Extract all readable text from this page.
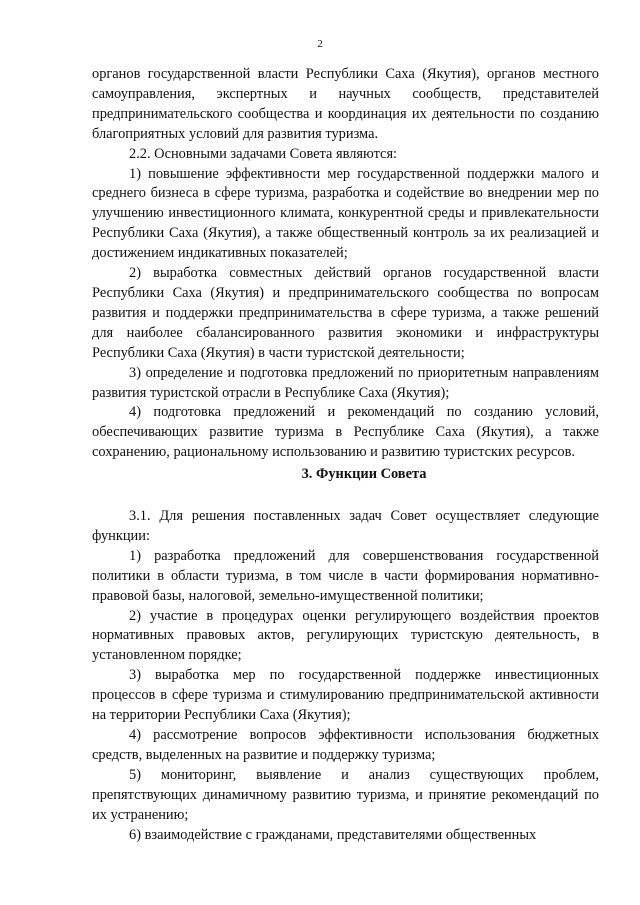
2

органов государственной власти Республики Саха (Якутия), органов местного самоуправления, экспертных и научных сообществ, представителей предпринимательского сообщества и координация их деятельности по созданию благоприятных условий для развития туризма.

2.2. Основными задачами Совета являются:

1) повышение эффективности мер государственной поддержки малого и среднего бизнеса в сфере туризма, разработка и содействие во внедрении мер по улучшению инвестиционного климата, конкурентной среды и привлекательности Республики Саха (Якутия), а также общественный контроль за их реализацией и достижением индикативных показателей;

2) выработка совместных действий органов государственной власти Республики Саха (Якутия) и предпринимательского сообщества по вопросам развития и поддержки предпринимательства в сфере туризма, а также решений для наиболее сбалансированного развития экономики и инфраструктуры Республики Саха (Якутия) в части туристской деятельности;

3) определение и подготовка предложений по приоритетным направлениям развития туристской отрасли в Республике Саха (Якутия);

4) подготовка предложений и рекомендаций по созданию условий, обеспечивающих развитие туризма в Республике Саха (Якутия), а также сохранению, рациональному использованию и развитию туристских ресурсов.

3. Функции Совета

3.1. Для решения поставленных задач Совет осуществляет следующие функции:

1) разработка предложений для совершенствования государственной политики в области туризма, в том числе в части формирования нормативно-правовой базы, налоговой, земельно-имущественной политики;

2) участие в процедурах оценки регулирующего воздействия проектов нормативных правовых актов, регулирующих туристскую деятельность, в установленном порядке;

3) выработка мер по государственной поддержке инвестиционных процессов в сфере туризма и стимулированию предпринимательской активности на территории Республики Саха (Якутия);

4) рассмотрение вопросов эффективности использования бюджетных средств, выделенных на развитие и поддержку туризма;

5) мониторинг, выявление и анализ существующих проблем, препятствующих динамичному развитию туризма, и принятие рекомендаций по их устранению;

6) взаимодействие с гражданами, представителями общественных
